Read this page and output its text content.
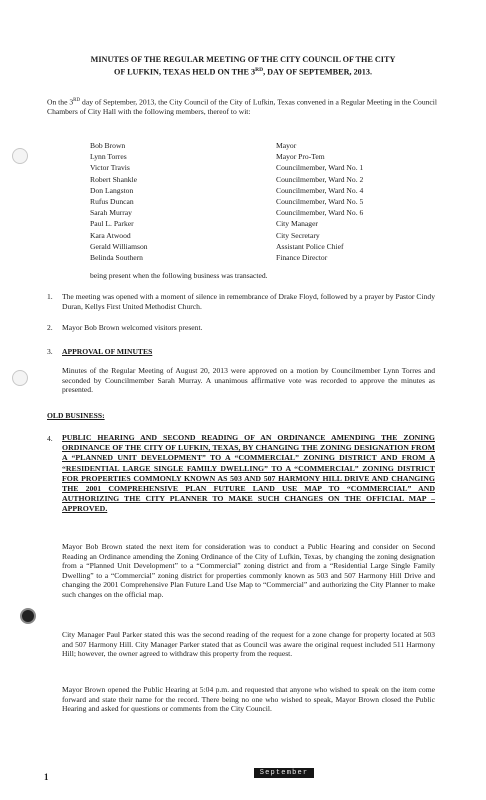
MINUTES OF THE REGULAR MEETING OF THE CITY COUNCIL OF THE CITY
OF LUFKIN, TEXAS HELD ON THE 3RD, DAY OF SEPTEMBER, 2013.
On the 3RD day of September, 2013, the City Council of the City of Lufkin, Texas convened in a Regular Meeting in the Council Chambers of City Hall with the following members, thereof to wit:
Bob Brown	Mayor
Lynn Torres	Mayor Pro-Tem
Victor Travis	Councilmember, Ward No. 1
Robert Shankle	Councilmember, Ward No. 2
Don Langston	Councilmember, Ward No. 4
Rufus Duncan	Councilmember, Ward No. 5
Sarah Murray	Councilmember, Ward No. 6
Paul L. Parker	City Manager
Kara Atwood	City Secretary
Gerald Williamson	Assistant Police Chief
Belinda Southern	Finance Director
being present when the following business was transacted.
1. The meeting was opened with a moment of silence in remembrance of Drake Floyd, followed by a prayer by Pastor Cindy Duran, Kellys First United Methodist Church.
2. Mayor Bob Brown welcomed visitors present.
3. APPROVAL OF MINUTES
Minutes of the Regular Meeting of August 20, 2013 were approved on a motion by Councilmember Lynn Torres and seconded by Councilmember Sarah Murray. A unanimous affirmative vote was recorded to approve the minutes as presented.
OLD BUSINESS:
4. PUBLIC HEARING AND SECOND READING OF AN ORDINANCE AMENDING THE ZONING ORDINANCE OF THE CITY OF LUFKIN, TEXAS, BY CHANGING THE ZONING DESIGNATION FROM A “PLANNED UNIT DEVELOPMENT” TO A “COMMERCIAL” ZONING DISTRICT AND FROM A “RESIDENTIAL LARGE SINGLE FAMILY DWELLING” TO A “COMMERCIAL” ZONING DISTRICT FOR PROPERTIES COMMONLY KNOWN AS 503 AND 507 HARMONY HILL DRIVE AND CHANGING THE 2001 COMPREHENSIVE PLAN FUTURE LAND USE MAP TO “COMMERCIAL” AND AUTHORIZING THE CITY PLANNER TO MAKE SUCH CHANGES ON THE OFFICIAL MAP – APPROVED.
Mayor Bob Brown stated the next item for consideration was to conduct a Public Hearing and consider on Second Reading an Ordinance amending the Zoning Ordinance of the City of Lufkin, Texas, by changing the zoning designation from a “Planned Unit Development” to a “Commercial” zoning district and from a “Residential Large Single Family Dwelling” to a “Commercial” zoning district for properties commonly known as 503 and 507 Harmony Hill Drive and changing the 2001 Comprehensive Plan Future Land Use Map to “Commercial” and authorizing the City Planner to make such changes on the official map.
City Manager Paul Parker stated this was the second reading of the request for a zone change for property located at 503 and 507 Harmony Hill. City Manager Parker stated that as Council was aware the original request included 511 Harmony Hill; however, the owner agreed to withdraw this property from the request.
Mayor Brown opened the Public Hearing at 5:04 p.m. and requested that anyone who wished to speak on the item come forward and state their name for the record. There being no one who wished to speak, Mayor Brown closed the Public Hearing and asked for questions or comments from the City Council.
1	September
